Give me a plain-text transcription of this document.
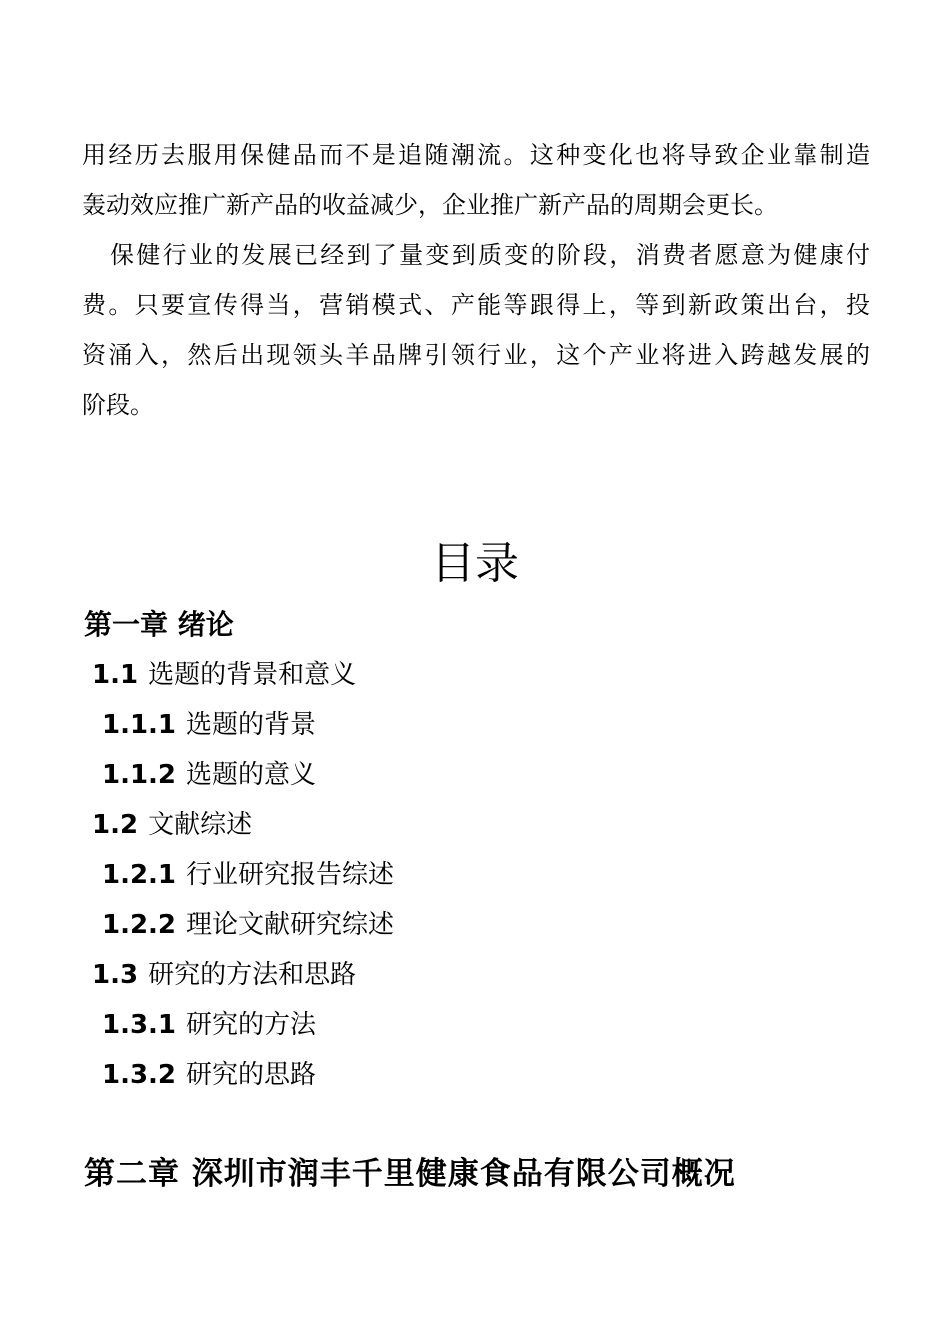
用经历去服用保健品而不是追随潮流。这种变化也将导致企业靠制造
轰动效应推广新产品的收益减少，企业推广新产品的周期会更长。
保健行业的发展已经到了量变到质变的阶段，消费者愿意为健康付
费。只要宣传得当，营销模式、产能等跟得上，等到新政策出台，投
资涌入，然后出现领头羊品牌引领行业，这个产业将进入跨越发展的
阶段。
目录
第一章 绪论
1.1 选题的背景和意义
1.1.1 选题的背景
1.1.2 选题的意义
1.2 文献综述
1.2.1 行业研究报告综述
1.2.2 理论文献研究综述
1.3 研究的方法和思路
1.3.1 研究的方法
1.3.2 研究的思路
第二章 深圳市润丰千里健康食品有限公司概况
